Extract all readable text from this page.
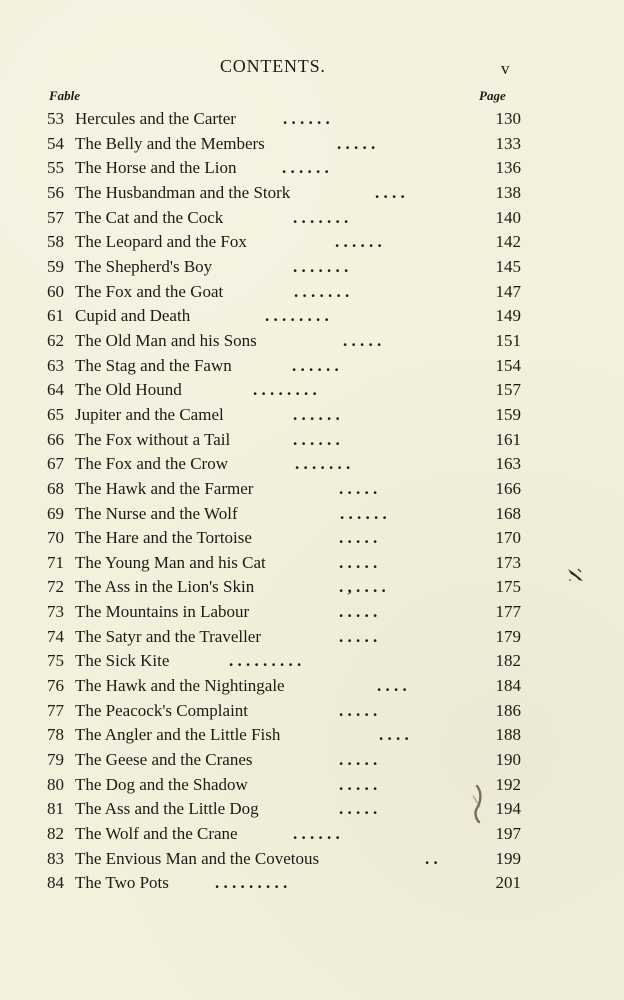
CONTENTS.	v
Fable	Page
53 Hercules and the Carter	. . . . . .	130
54 The Belly and the Members	. . . . .	133
55 The Horse and the Lion	. . . . . .	136
56 The Husbandman and the Stork	. . . .	138
57 The Cat and the Cock	. . . . . . .	140
58 The Leopard and the Fox	. . . . . .	142
59 The Shepherd's Boy	. . . . . . .	145
60 The Fox and the Goat	. . . . . . .	147
61 Cupid and Death	. . . . . . . .	149
62 The Old Man and his Sons	. . . . .	151
63 The Stag and the Fawn	. . . . . .	154
64 The Old Hound	. . . . . . . .	157
65 Jupiter and the Camel	. . . . . .	159
66 The Fox without a Tail	. . . . . .	161
67 The Fox and the Crow	. . . . . . .	163
68 The Hawk and the Farmer	. . . . .	166
69 The Nurse and the Wolf	. . . . . .	168
70 The Hare and the Tortoise	. . . . .	170
71 The Young Man and his Cat	. . . . .	173
72 The Ass in the Lion's Skin	. , . . . .	175
73 The Mountains in Labour	. . . . .	177
74 The Satyr and the Traveller	. . . . .	179
75 The Sick Kite	. . . . . . . . .	182
76 The Hawk and the Nightingale	. . . .	184
77 The Peacock's Complaint	. . . . .	186
78 The Angler and the Little Fish	. . . .	188
79 The Geese and the Cranes	. . . . .	190
80 The Dog and the Shadow	. . . . .	192
81 The Ass and the Little Dog	. . . . .	194
82 The Wolf and the Crane	. . . . . .	197
83 The Envious Man and the Covetous	. .	199
84 The Two Pots	. . . . . . . . .	201
